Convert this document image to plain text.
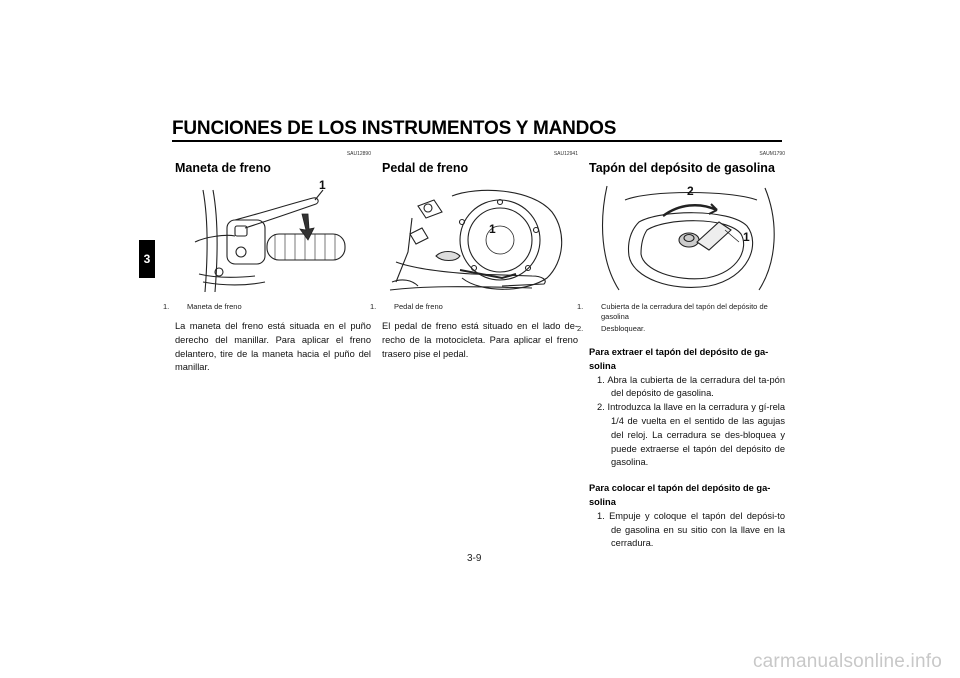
FUNCIONES DE LOS INSTRUMENTOS Y MANDOS
3
SAU12890
Maneta de freno
1
1. Maneta de freno
La maneta del freno está situada en el puño derecho del manillar. Para aplicar el freno delantero, tire de la maneta hacia el puño del manillar.
SAU12941
Pedal de freno
1
1. Pedal de freno
El pedal de freno está situado en el lado derecho de la motocicleta. Para aplicar el freno trasero pise el pedal.
SAUM1790
Tapón del depósito de gasolina
2
1
1. Cubierta de la cerradura del tapón del depósito de gasolina
2. Desbloquear.
Para extraer el tapón del depósito de ga-solina
1. Abra la cubierta de la cerradura del ta-pón del depósito de gasolina.
2. Introduzca la llave en la cerradura y gí-rela 1/4 de vuelta en el sentido de las agujas del reloj. La cerradura se des-bloquea y puede extraerse el tapón del depósito de gasolina.
Para colocar el tapón del depósito de ga-solina
1. Empuje y coloque el tapón del depósi-to de gasolina en su sitio con la llave en la cerradura.
3-9
carmanualsonline.info
